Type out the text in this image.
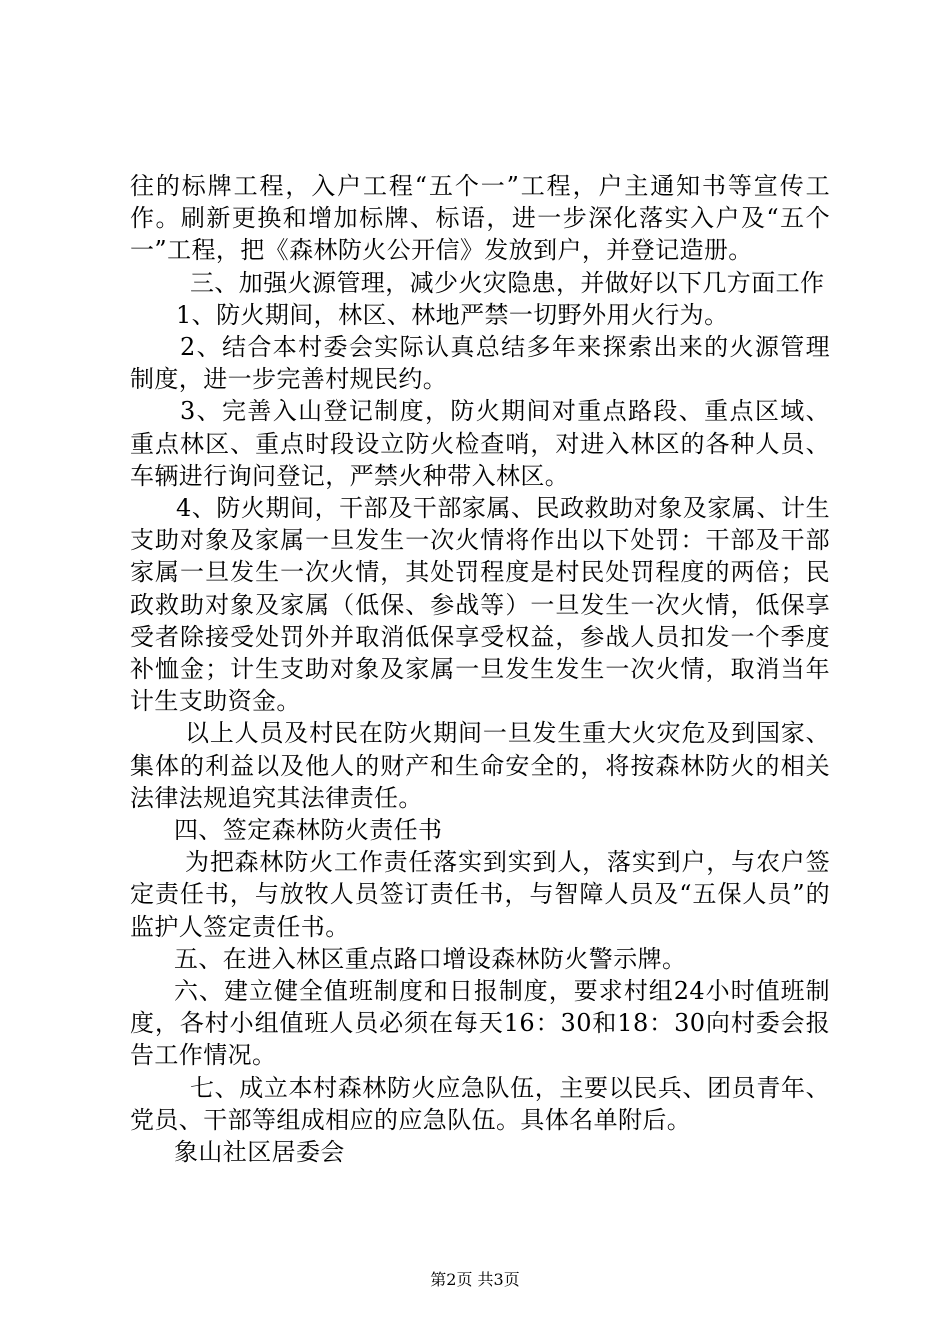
往的标牌工程，入户工程“五个一”工程，户主通知书等宣传工作。刷新更换和增加标牌、标语，进一步深化落实入户及“五个一”工程，把《森林防火公开信》发放到户，并登记造册。

三、加强火源管理，减少火灾隐患，并做好以下几方面工作

1、防火期间，林区、林地严禁一切野外用火行为。

2、结合本村委会实际认真总结多年来探索出来的火源管理制度，进一步完善村规民约。

3、完善入山登记制度，防火期间对重点路段、重点区域、重点林区、重点时段设立防火检查哨，对进入林区的各种人员、车辆进行询问登记，严禁火种带入林区。

4、防火期间，干部及干部家属、民政救助对象及家属、计生支助对象及家属一旦发生一次火情将作出以下处罚：干部及干部家属一旦发生一次火情，其处罚程度是村民处罚程度的两倍；民政救助对象及家属（低保、参战等）一旦发生一次火情，低保享受者除接受处罚外并取消低保享受权益，参战人员扣发一个季度补恤金；计生支助对象及家属一旦发生发生一次火情，取消当年计生支助资金。

以上人员及村民在防火期间一旦发生重大火灾危及到国家、集体的利益以及他人的财产和生命安全的，将按森林防火的相关法律法规追究其法律责任。

四、签定森林防火责任书

为把森林防火工作责任落实到实到人，落实到户，与农户签定责任书，与放牧人员签订责任书，与智障人员及“五保人员”的监护人签定责任书。

五、在进入林区重点路口增设森林防火警示牌。

六、建立健全值班制度和日报制度，要求村组24小时值班制度，各村小组值班人员必须在每天16：30和18：30向村委会报告工作情况。

七、成立本村森林防火应急队伍，主要以民兵、团员青年、党员、干部等组成相应的应急队伍。具体名单附后。

象山社区居委会

第2页 共3页
